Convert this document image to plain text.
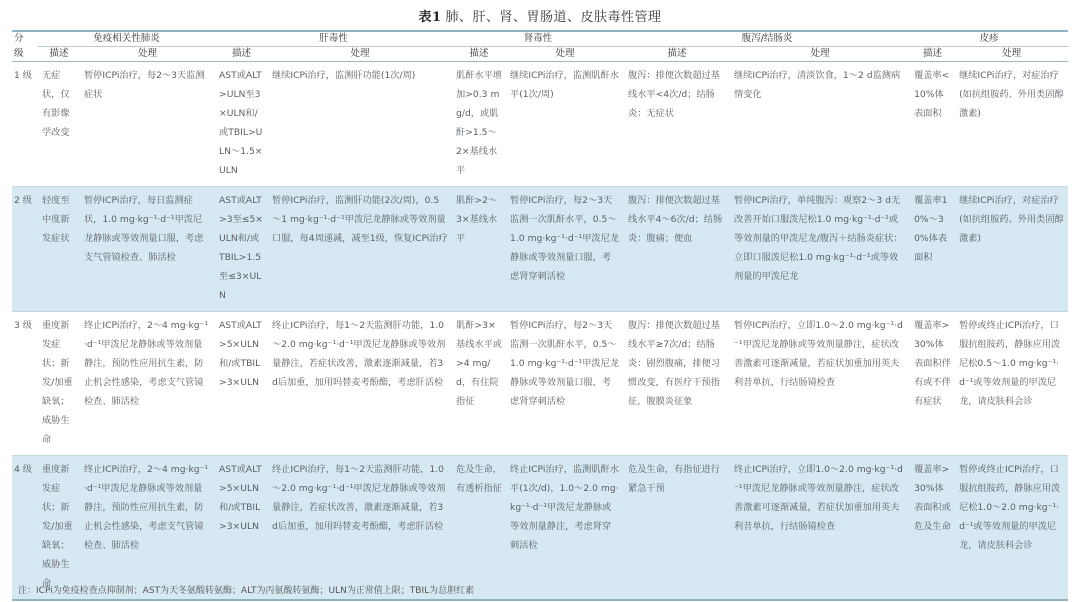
表1 肺、肝、肾、胃肠道、皮肤毒性管理
分	免疫相关性肺炎		肝毒性		肾毒性		腹泻/结肠炎		皮疹	
级	描述	处理	描述	处理	描述	处理	描述	处理	描述	处理
1 级	无症状，仅有影像学改变	暂停ICPi治疗，每2～3天监测症状	AST或ALT>ULN至3×ULN和/或TBIL>ULN～1.5×ULN	继续ICPi治疗，监测肝功能(1次/周)	肌酐水平增加>0.3 mg/d，或肌酐>1.5～2×基线水平	继续ICPi治疗，监测肌酐水平(1次/周)	腹泻：排便次数超过基线水平<4次/d；结肠炎：无症状	继续ICPi治疗，清淡饮食，1～2 d监测病情变化	覆盖率<10%体表面积	继续ICPi治疗，对症治疗(如抗组胺药、外用类固醇激素)
2 级	轻度至中度新发症状	暂停ICPi治疗，每日监测症状，1.0 mg·kg⁻¹·d⁻¹甲泼尼龙静脉或等效剂量口服，考虑支气管镜检查、肺活检	AST或ALT>3至≤5×ULN和/或TBIL>1.5至≤3×ULN	暂停ICPi治疗，监测肝功能(2次/周)，0.5～1 mg·kg⁻¹·d⁻¹甲泼尼龙静脉或等效剂量口服，每4周递减，减至1级，恢复ICPi治疗	肌酐>2～3×基线水平	暂停ICPi治疗，每2～3天监测一次肌酐水平，0.5～1.0 mg·kg⁻¹·d⁻¹甲泼尼龙静脉或等效剂量口服，考虑肾穿刺活检	腹泻：排便次数超过基线水平4～6次/d；结肠炎：腹痛；便血	暂停ICPi治疗，单纯腹泻：观察2～3 d无改善开始口服泼尼松1.0 mg·kg⁻¹·d⁻¹或等效剂量的甲泼尼龙/腹泻＋结肠炎症状：立即口服泼尼松1.0 mg·kg⁻¹·d⁻¹或等效剂量的甲泼尼龙	覆盖率10%～30%体表面积	继续ICPi治疗，对症治疗(如抗组胺药、外用类固醇激素)
3 级	重度新发症状；新发/加重缺氧；威胁生命	终止ICPi治疗，2～4 mg·kg⁻¹·d⁻¹甲泼尼龙静脉或等效剂量静注，预防性应用抗生素，防止机会性感染，考虑支气管镜检查、肺活检	AST或ALT>5×ULN和/或TBIL>3×ULN	终止ICPi治疗，每1～2天监测肝功能，1.0～2.0 mg·kg⁻¹·d⁻¹甲泼尼龙静脉或等效剂量静注，若症状改善，激素逐渐减量，若3 d后加重，加用吗替麦考酚酯，考虑肝活检	肌酐>3×基线水平或>4 mg/d，有住院指征	暂停ICPi治疗，每2～3天监测一次肌酐水平，0.5～1.0 mg·kg⁻¹·d⁻¹甲泼尼龙静脉或等效剂量口服，考虑肾穿刺活检	腹泻：排便次数超过基线水平≥7次/d；结肠炎：剧烈腹痛，排便习惯改变，有医疗干预指征，腹膜炎征象	暂停ICPi治疗，立即1.0～2.0 mg·kg⁻¹·d⁻¹甲泼尼龙静脉或等效剂量静注，症状改善激素可逐渐减量，若症状加重加用英夫利昔单抗，行结肠镜检查	覆盖率>30%体表面积伴有或不伴有症状	暂停或终止ICPi治疗，口服抗组胺药，静脉应用泼尼松0.5～1.0 mg·kg⁻¹·d⁻¹或等效剂量的甲泼尼龙，请皮肤科会诊
4 级	重度新发症状；新发/加重缺氧；威胁生命	终止ICPi治疗，2～4 mg·kg⁻¹·d⁻¹甲泼尼龙静脉或等效剂量静注，预防性应用抗生素，防止机会性感染，考虑支气管镜检查、肺活检	AST或ALT>5×ULN和/或TBIL>3×ULN	终止ICPi治疗，每1～2天监测肝功能，1.0～2.0 mg·kg⁻¹·d⁻¹甲泼尼龙静脉或等效剂量静注，若症状改善，激素逐渐减量，若3 d后加重，加用吗替麦考酚酯，考虑肝活检	危及生命，有透析指征	终止ICPi治疗，监测肌酐水平(1次/d)，1.0～2.0 mg·kg⁻¹·d⁻¹甲泼尼龙静脉或等效剂量静注，考虑肾穿刺活检	危及生命，有指征进行紧急干预	终止ICPi治疗，立即1.0～2.0 mg·kg⁻¹·d⁻¹甲泼尼龙静脉或等效剂量静注，症状改善激素可逐渐减量，若症状加重加用英夫利昔单抗，行结肠镜检查	覆盖率>30%体表面积或危及生命	暂停或终止ICPi治疗，口服抗组胺药，静脉应用泼尼松1.0～2.0 mg·kg⁻¹·d⁻¹或等效剂量的甲泼尼龙，请皮肤科会诊
注：ICPi为免疫检查点抑制剂；AST为天冬氨酸转氨酶；ALT为丙氨酸转氨酶；ULN为正常值上限；TBIL为总胆红素
